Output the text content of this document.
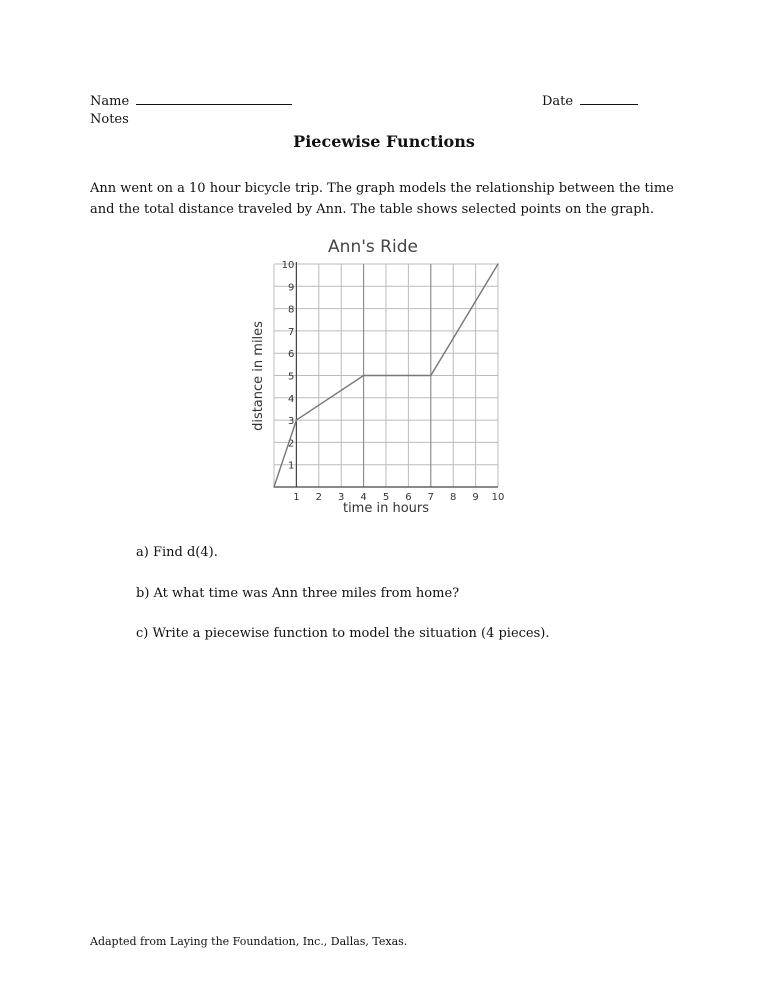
Name	Date
Notes
Piecewise Functions
Ann went on a 10 hour bicycle trip. The graph models the relationship between the time
and the total distance traveled by Ann. The table shows selected points on the graph.
Ann's Ride
1 2 3 4 5 6 7 8 9 10
1
2
3
4
5
6
7
8
9
10
time in hours
distance in miles
a) Find d(4).
b) At what time was Ann three miles from home?
c) Write a piecewise function to model the situation (4 pieces).
Adapted from Laying the Foundation, Inc., Dallas, Texas.
